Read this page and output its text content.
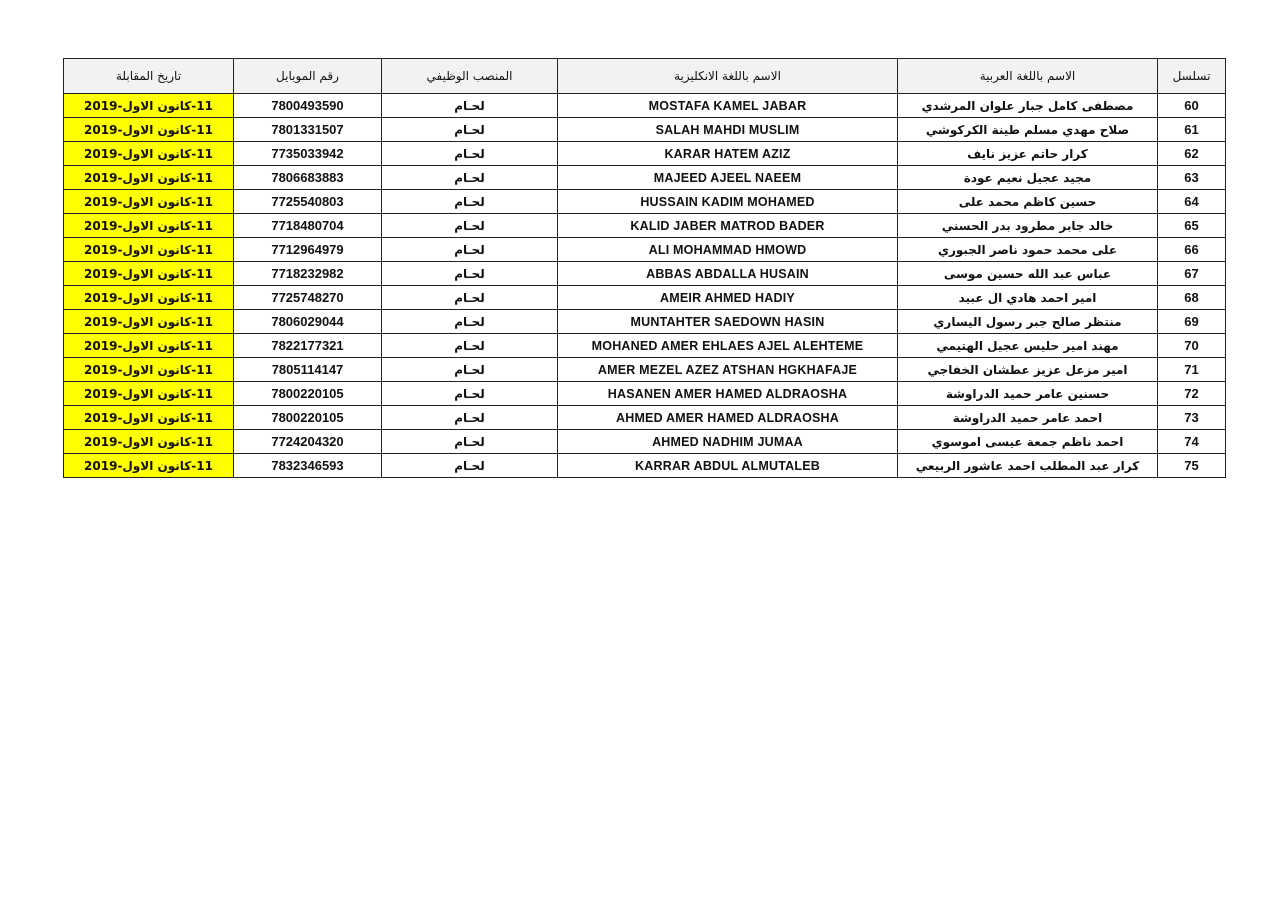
تسلسل	الاسم باللغة العربية	الاسم باللغة الانكليزية	المنصب الوظيفي	رقم الموبايل	تاريخ المقابلة
60	مصطفى كامل جبار علوان المرشدي	MOSTAFA KAMEL JABAR	لحـام	7800493590	11-كانون الاول-2019
61	صلاح مهدي مسلم طينة الكركوشي	SALAH MAHDI MUSLIM	لحـام	7801331507	11-كانون الاول-2019
62	كرار حاتم عزيز نايف	KARAR HATEM AZIZ	لحـام	7735033942	11-كانون الاول-2019
63	مجيد عجيل نعيم عودة	MAJEED AJEEL NAEEM	لحـام	7806683883	11-كانون الاول-2019
64	حسين كاظم محمد على	HUSSAIN KADIM MOHAMED	لحـام	7725540803	11-كانون الاول-2019
65	خالد جابر مطرود بدر الحسني	KALID JABER MATROD BADER	لحـام	7718480704	11-كانون الاول-2019
66	على محمد حمود ناصر الجبوري	ALI MOHAMMAD HMOWD	لحـام	7712964979	11-كانون الاول-2019
67	عباس عبد الله حسين موسى	ABBAS ABDALLA HUSAIN	لحـام	7718232982	11-كانون الاول-2019
68	امير احمد هادي ال عبيد	AMEIR AHMED HADIY	لحـام	7725748270	11-كانون الاول-2019
69	منتظر صالح جبر رسول اليساري	MUNTAHTER SAEDOWN HASIN	لحـام	7806029044	11-كانون الاول-2019
70	مهند امير حليس عجيل الهتيمي	MOHANED AMER EHLAES AJEL ALEHTEME	لحـام	7822177321	11-كانون الاول-2019
71	امير مزعل عزيز عطشان الخفاجي	AMER MEZEL AZEZ ATSHAN HGKHAFAJE	لحـام	7805114147	11-كانون الاول-2019
72	حسنين عامر حميد الدراوشة	HASANEN AMER HAMED ALDRAOSHA	لحـام	7800220105	11-كانون الاول-2019
73	احمد عامر حميد الدراوشة	AHMED AMER HAMED ALDRAOSHA	لحـام	7800220105	11-كانون الاول-2019
74	احمد ناظم جمعة عيسى اموسوي	AHMED NADHIM JUMAA	لحـام	7724204320	11-كانون الاول-2019
75	كرار عبد المطلب احمد عاشور الربيعي	KARRAR ABDUL ALMUTALEB	لحـام	7832346593	11-كانون الاول-2019
